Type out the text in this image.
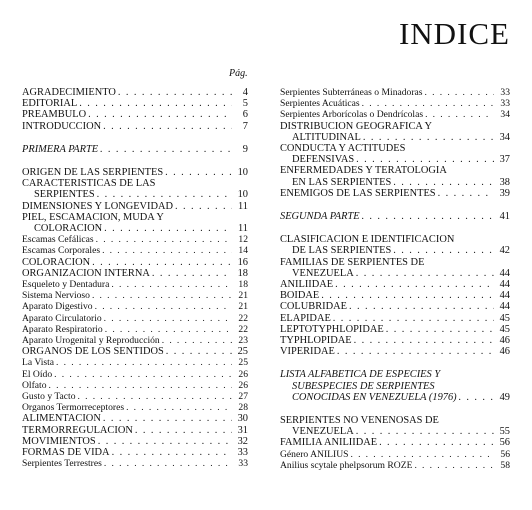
INDICE
Pág.
AGRADECIMIENTO . . .	4
EDITORIAL . . .	5
PREAMBULO . . .	6
INTRODUCCION . . .	7
PRIMERA PARTE . . .	9
ORIGEN DE LAS SERPIENTES . . .	10
CARACTERISTICAS DE LAS
SERPIENTES . . .	10
DIMENSIONES Y LONGEVIDAD . . .	11
PIEL, ESCAMACION, MUDA Y
COLORACION . . .	11
Escamas Cefálicas . . .	12
Escamas Corporales . . .	14
COLORACION . . .	16
ORGANIZACION INTERNA . . .	18
Esqueleto y Dentadura . . .	18
Sistema Nervioso . . .	21
Aparato Digestivo . . .	21
Aparato Circulatorio . . .	22
Aparato Respiratorio . . .	22
Aparato Urogenital y Reproducción . . .	23
ORGANOS DE LOS SENTIDOS . . .	25
La Vista . . .	25
El Oído . . .	26
Olfato . . .	26
Gusto y Tacto . . .	27
Organos Termorreceptores . . .	28
ALIMENTACION . . .	30
TERMORREGULACION . . .	31
MOVIMIENTOS . . .	32
FORMAS DE VIDA . . .	33
Serpientes Terrestres . . .	33
Serpientes Subterráneas o Minadoras . . .	33
Serpientes Acuáticas . . .	33
Serpientes Arborícolas o Dendrícolas . . .	34
DISTRIBUCION GEOGRAFICA Y
ALTITUDINAL . . .	34
CONDUCTA Y ACTITUDES
DEFENSIVAS . . .	37
ENFERMEDADES Y TERATOLOGIA
EN LAS SERPIENTES . . .	38
ENEMIGOS DE LAS SERPIENTES . . .	39
SEGUNDA PARTE . . .	41
CLASIFICACION E IDENTIFICACION
DE LAS SERPIENTES . . .	42
FAMILIAS DE SERPIENTES DE
VENEZUELA . . .	44
ANILIIDAE . . .	44
BOIDAE . . .	44
COLUBRIDAE . . .	44
ELAPIDAE . . .	45
LEPTOTYPHLOPIDAE . . .	45
TYPHLOPIDAE . . .	46
VIPERIDAE . . .	46
LISTA ALFABETICA DE ESPECIES Y
SUBESPECIES DE SERPIENTES
CONOCIDAS EN VENEZUELA (1976) . . .	49
SERPIENTES NO VENENOSAS DE
VENEZUELA . . .	55
FAMILIA ANILIIDAE . . .	56
Género ANILIUS . . .	56
Anilius scytale phelpsorum ROZE . . .	58
